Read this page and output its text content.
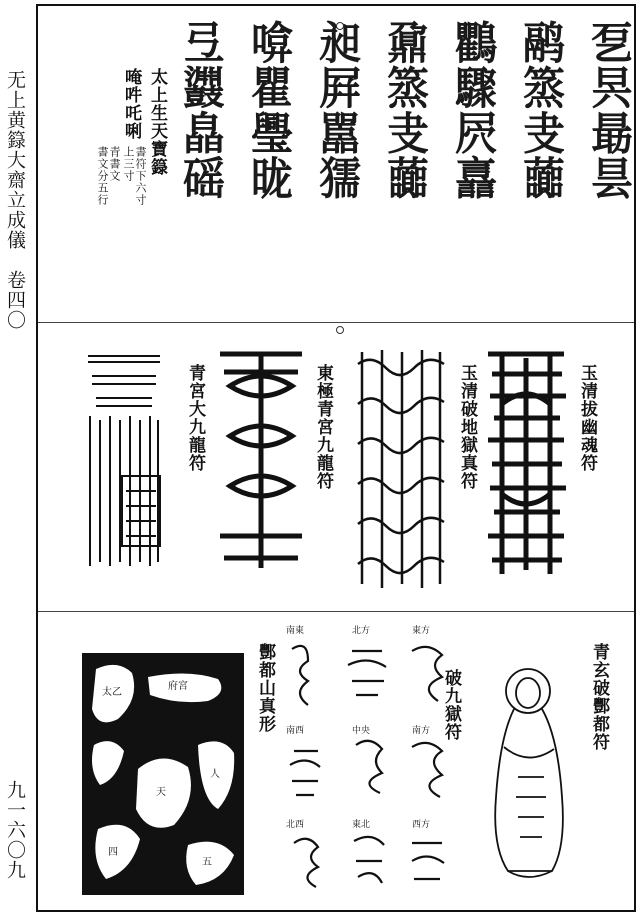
无上黄籙大齋立成儀　卷四〇
九一六〇九
乭昗朂昙
鹝篜叏虈
鸜驟屄譶
鼐篜叏虈
昶屛嚚獳
啽瞿璺昽
弖鼝皛磘
太上生天寶籙
唵吽吒唎
上三寸 書符下六寸
青書文
書文分五行
玉清拔幽魂符
玉清破地獄真符
東極青宮九龍符
青宮大九龍符
青玄破酆都符
破九獄符
南東	北方	東方
南西	中央	南方
北西	東北	西方
酆都山真形
太乙
府宮
天
人
四
五
